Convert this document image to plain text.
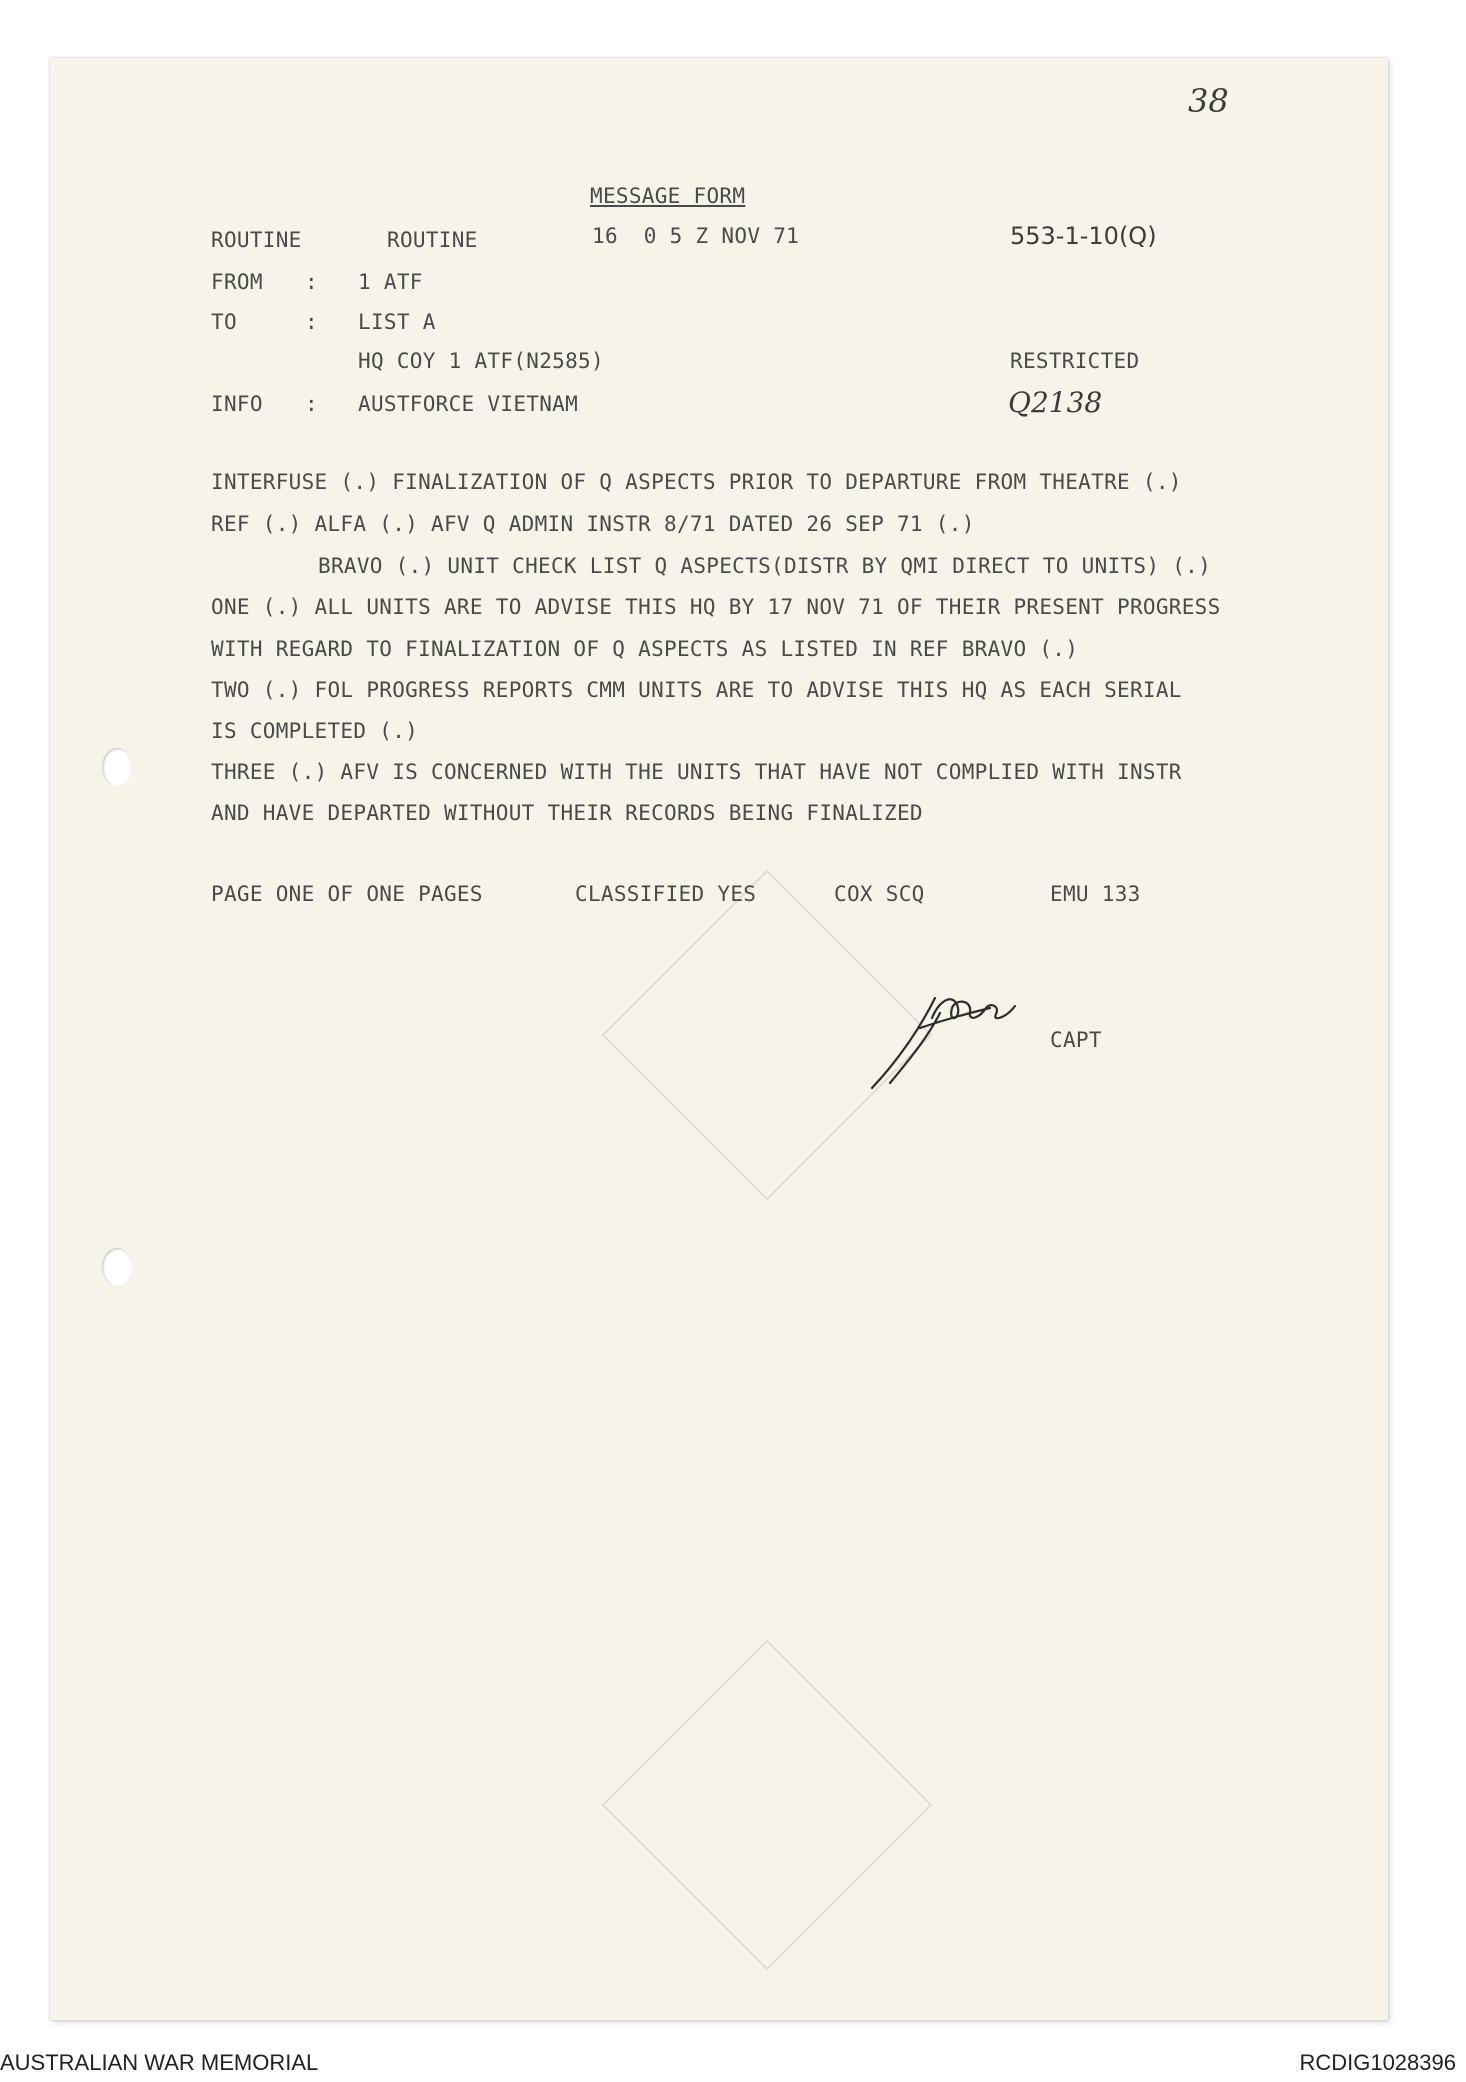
38
MESSAGE FORM
ROUTINE	ROUTINE	16  0 5 Z NOV 71	553-1-10(Q)
FROM : 1 ATF
TO	: LIST A
HQ COY 1 ATF(N2585)	RESTRICTED
INFO : AUSTFORCE VIETNAM	Q2138
INTERFUSE (.) FINALIZATION OF Q ASPECTS PRIOR TO DEPARTURE FROM THEATRE (.)
REF (.) ALFA (.) AFV Q ADMIN INSTR 8/71 DATED 26 SEP 71 (.)
BRAVO (.) UNIT CHECK LIST Q ASPECTS(DISTR BY QMI DIRECT TO UNITS) (.)
ONE (.) ALL UNITS ARE TO ADVISE THIS HQ BY 17 NOV 71 OF THEIR PRESENT PROGRESS
WITH REGARD TO FINALIZATION OF Q ASPECTS AS LISTED IN REF BRAVO (.)
TWO (.) FOL PROGRESS REPORTS CMM UNITS ARE TO ADVISE THIS HQ AS EACH SERIAL
IS COMPLETED (.)
THREE (.) AFV IS CONCERNED WITH THE UNITS THAT HAVE NOT COMPLIED WITH INSTR
AND HAVE DEPARTED WITHOUT THEIR RECORDS BEING FINALIZED
PAGE ONE OF ONE PAGES	CLASSIFIED YES	COX SCQ	EMU 133
CAPT
AUSTRALIAN WAR MEMORIAL	RCDIG1028396
